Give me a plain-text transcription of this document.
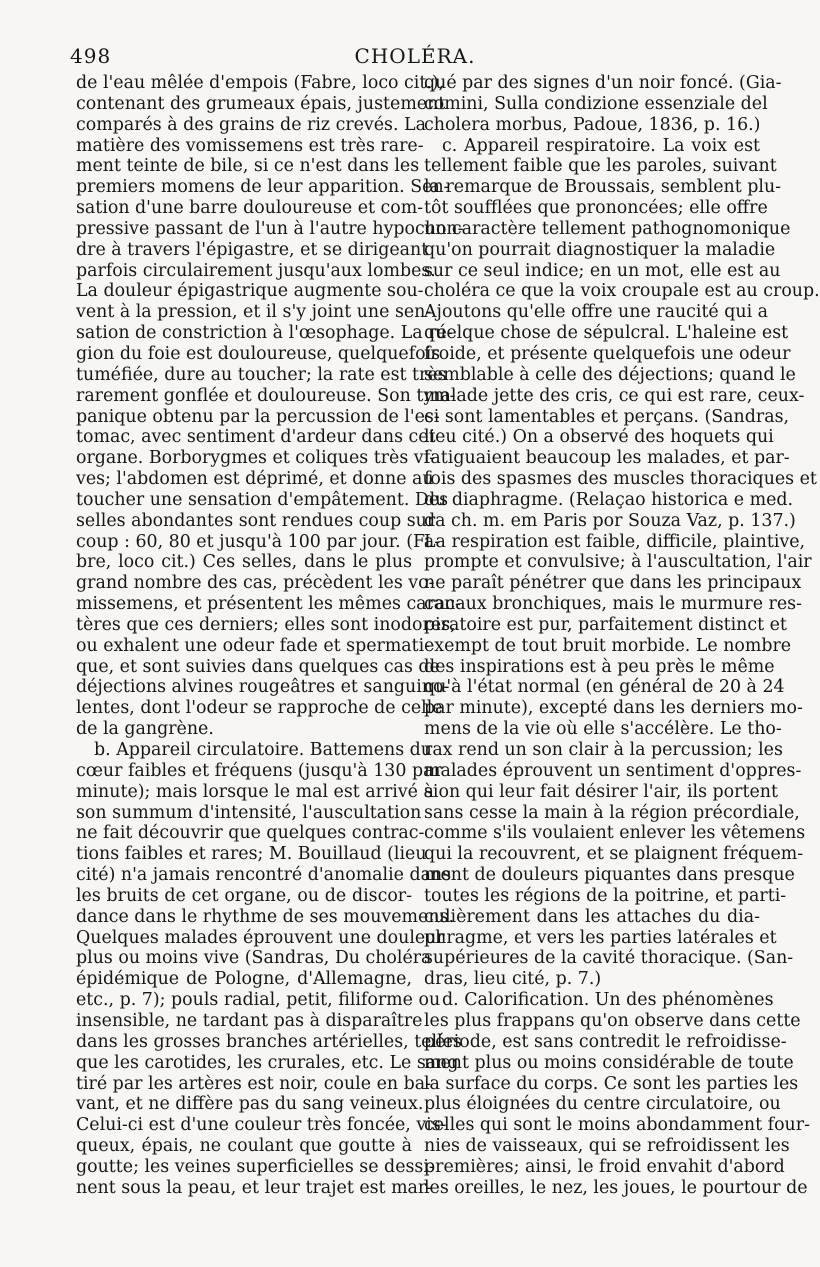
498	CHOLÉRA.
de l'eau mêlée d'empois (Fabre, loco cit.),
contenant des grumeaux épais, justement
comparés à des grains de riz crevés. La
matière des vomissemens est très rare-
ment teinte de bile, si ce n'est dans les
premiers momens de leur apparition. Sen-
sation d'une barre douloureuse et com-
pressive passant de l'un à l'autre hypochon-
dre à travers l'épigastre, et se dirigeant
parfois circulairement jusqu'aux lombes.
La douleur épigastrique augmente sou-
vent à la pression, et il s'y joint une sen-
sation de constriction à l'œsophage. La ré-
gion du foie est douloureuse, quelquefois
tuméfiée, dure au toucher; la rate est très
rarement gonflée et douloureuse. Son tym-
panique obtenu par la percussion de l'es-
tomac, avec sentiment d'ardeur dans cet
organe. Borborygmes et coliques très vi-
ves; l'abdomen est déprimé, et donne au
toucher une sensation d'empâtement. Des
selles abondantes sont rendues coup sur
coup : 60, 80 et jusqu'à 100 par jour. (Fa-
bre, loco cit.) Ces selles, dans le plus
grand nombre des cas, précèdent les vo-
missemens, et présentent les mêmes carac-
tères que ces derniers; elles sont inodores,
ou exhalent une odeur fade et spermati-
que, et sont suivies dans quelques cas de
déjections alvines rougeâtres et sanguino-
lentes, dont l'odeur se rapproche de celle
de la gangrène.
b. Appareil circulatoire. Battemens du
cœur faibles et fréquens (jusqu'à 130 par
minute); mais lorsque le mal est arrivé à
son summum d'intensité, l'auscultation
ne fait découvrir que quelques contrac-
tions faibles et rares; M. Bouillaud (lieu
cité) n'a jamais rencontré d'anomalie dans
les bruits de cet organe, ou de discor-
dance dans le rhythme de ses mouvemens.
Quelques malades éprouvent une douleur
plus ou moins vive (Sandras, Du choléra
épidémique de Pologne, d'Allemagne,
etc., p. 7); pouls radial, petit, filiforme ou
insensible, ne tardant pas à disparaître
dans les grosses branches artérielles, telles
que les carotides, les crurales, etc. Le sang
tiré par les artères est noir, coule en ba-
vant, et ne diffère pas du sang veineux.
Celui-ci est d'une couleur très foncée, vis-
queux, épais, ne coulant que goutte à
goutte; les veines superficielles se dessi-
nent sous la peau, et leur trajet est mar-
qué par des signes d'un noir foncé. (Gia-
comini, Sulla condizione essenziale del
cholera morbus, Padoue, 1836, p. 16.)
c. Appareil respiratoire. La voix est
tellement faible que les paroles, suivant
la remarque de Broussais, semblent plu-
tôt soufflées que prononcées; elle offre
un caractère tellement pathognomonique
qu'on pourrait diagnostiquer la maladie
sur ce seul indice; en un mot, elle est au
choléra ce que la voix croupale est au croup.
Ajoutons qu'elle offre une raucité qui a
quelque chose de sépulcral. L'haleine est
froide, et présente quelquefois une odeur
semblable à celle des déjections; quand le
malade jette des cris, ce qui est rare, ceux-
ci sont lamentables et perçans. (Sandras,
lieu cité.) On a observé des hoquets qui
fatiguaient beaucoup les malades, et par-
fois des spasmes des muscles thoraciques et
du diaphragme. (Relaçao historica e med.
da ch. m. em Paris por Souza Vaz, p. 137.)
La respiration est faible, difficile, plaintive,
prompte et convulsive; à l'auscultation, l'air
ne paraît pénétrer que dans les principaux
canaux bronchiques, mais le murmure res-
piratoire est pur, parfaitement distinct et
exempt de tout bruit morbide. Le nombre
des inspirations est à peu près le même
qu'à l'état normal (en général de 20 à 24
par minute), excepté dans les derniers mo-
mens de la vie où elle s'accélère. Le tho-
rax rend un son clair à la percussion; les
malades éprouvent un sentiment d'oppres-
sion qui leur fait désirer l'air, ils portent
sans cesse la main à la région précordiale,
comme s'ils voulaient enlever les vêtemens
qui la recouvrent, et se plaignent fréquem-
ment de douleurs piquantes dans presque
toutes les régions de la poitrine, et parti-
culièrement dans les attaches du dia-
phragme, et vers les parties latérales et
supérieures de la cavité thoracique. (San-
dras, lieu cité, p. 7.)
d. Calorification. Un des phénomènes
les plus frappans qu'on observe dans cette
période, est sans contredit le refroidisse-
ment plus ou moins considérable de toute
la surface du corps. Ce sont les parties les
plus éloignées du centre circulatoire, ou
celles qui sont le moins abondamment four-
nies de vaisseaux, qui se refroidissent les
premières; ainsi, le froid envahit d'abord
les oreilles, le nez, les joues, le pourtour de
